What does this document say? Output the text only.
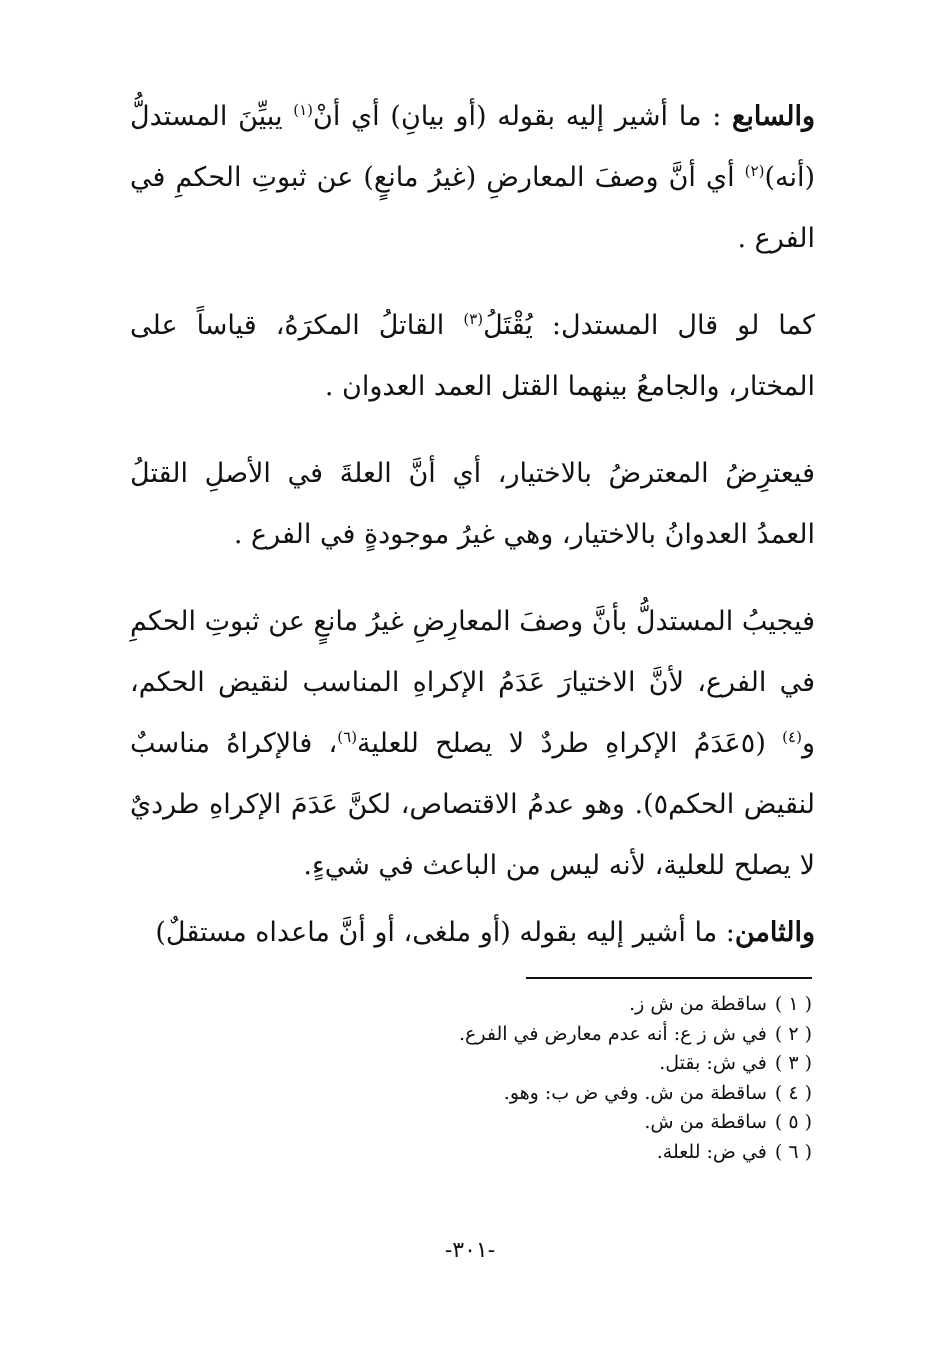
والسابع : ما أشير إليه بقوله (أو بيانِ) أي أنْ$^{(١)}$ يبيِّنَ المستدلُّ (أنه)$^{(٢)}$ أي أنَّ وصفَ المعارضِ (غيرُ مانعٍ) عن ثبوتِ الحكمِ في الفرع .

كما لو قال المستدل: يُقْتَلُ$^{(٣)}$ القاتلُ المكرَهُ، قياساً على المختار، والجامعُ بينهما القتل العمد العدوان .

فيعترِضُ المعترضُ بالاختيار، أي أنَّ العلةَ في الأصلِ القتلُ العمدُ العدوانُ بالاختيار، وهي غيرُ موجودةٍ في الفرع .

فيجيبُ المستدلُّ بأنَّ وصفَ المعارِضِ غيرُ مانعٍ عن ثبوتِ الحكمِ في الفرع، لأنَّ الاختيارَ عَدَمُ الإكراهِ المناسب لنقيض الحكم، و$^{(٤)}$ (٥عَدَمُ الإكراهِ طردٌ لا يصلح للعلية$^{(٦)}$، فالإكراهُ مناسبٌ لنقيض الحكم٥). وهو عدمُ الاقتصاص، لكنَّ عَدَمَ الإكراهِ طرديٌ لا يصلح للعلية، لأنه ليس من الباعث في شيءٍ.

والثامن: ما أشير إليه بقوله (أو ملغى، أو أنَّ ماعداه مستقلٌ)

( ١ )ساقطة من ش ز.
( ٢ )في ش ز ع: أنه عدم معارض في الفرع.
( ٣ )في ش: بقتل.
( ٤ )ساقطة من ش. وفي ض ب: وهو.
( ٥ )ساقطة من ش.
( ٦ )في ض: للعلة.
-٣٠١-
